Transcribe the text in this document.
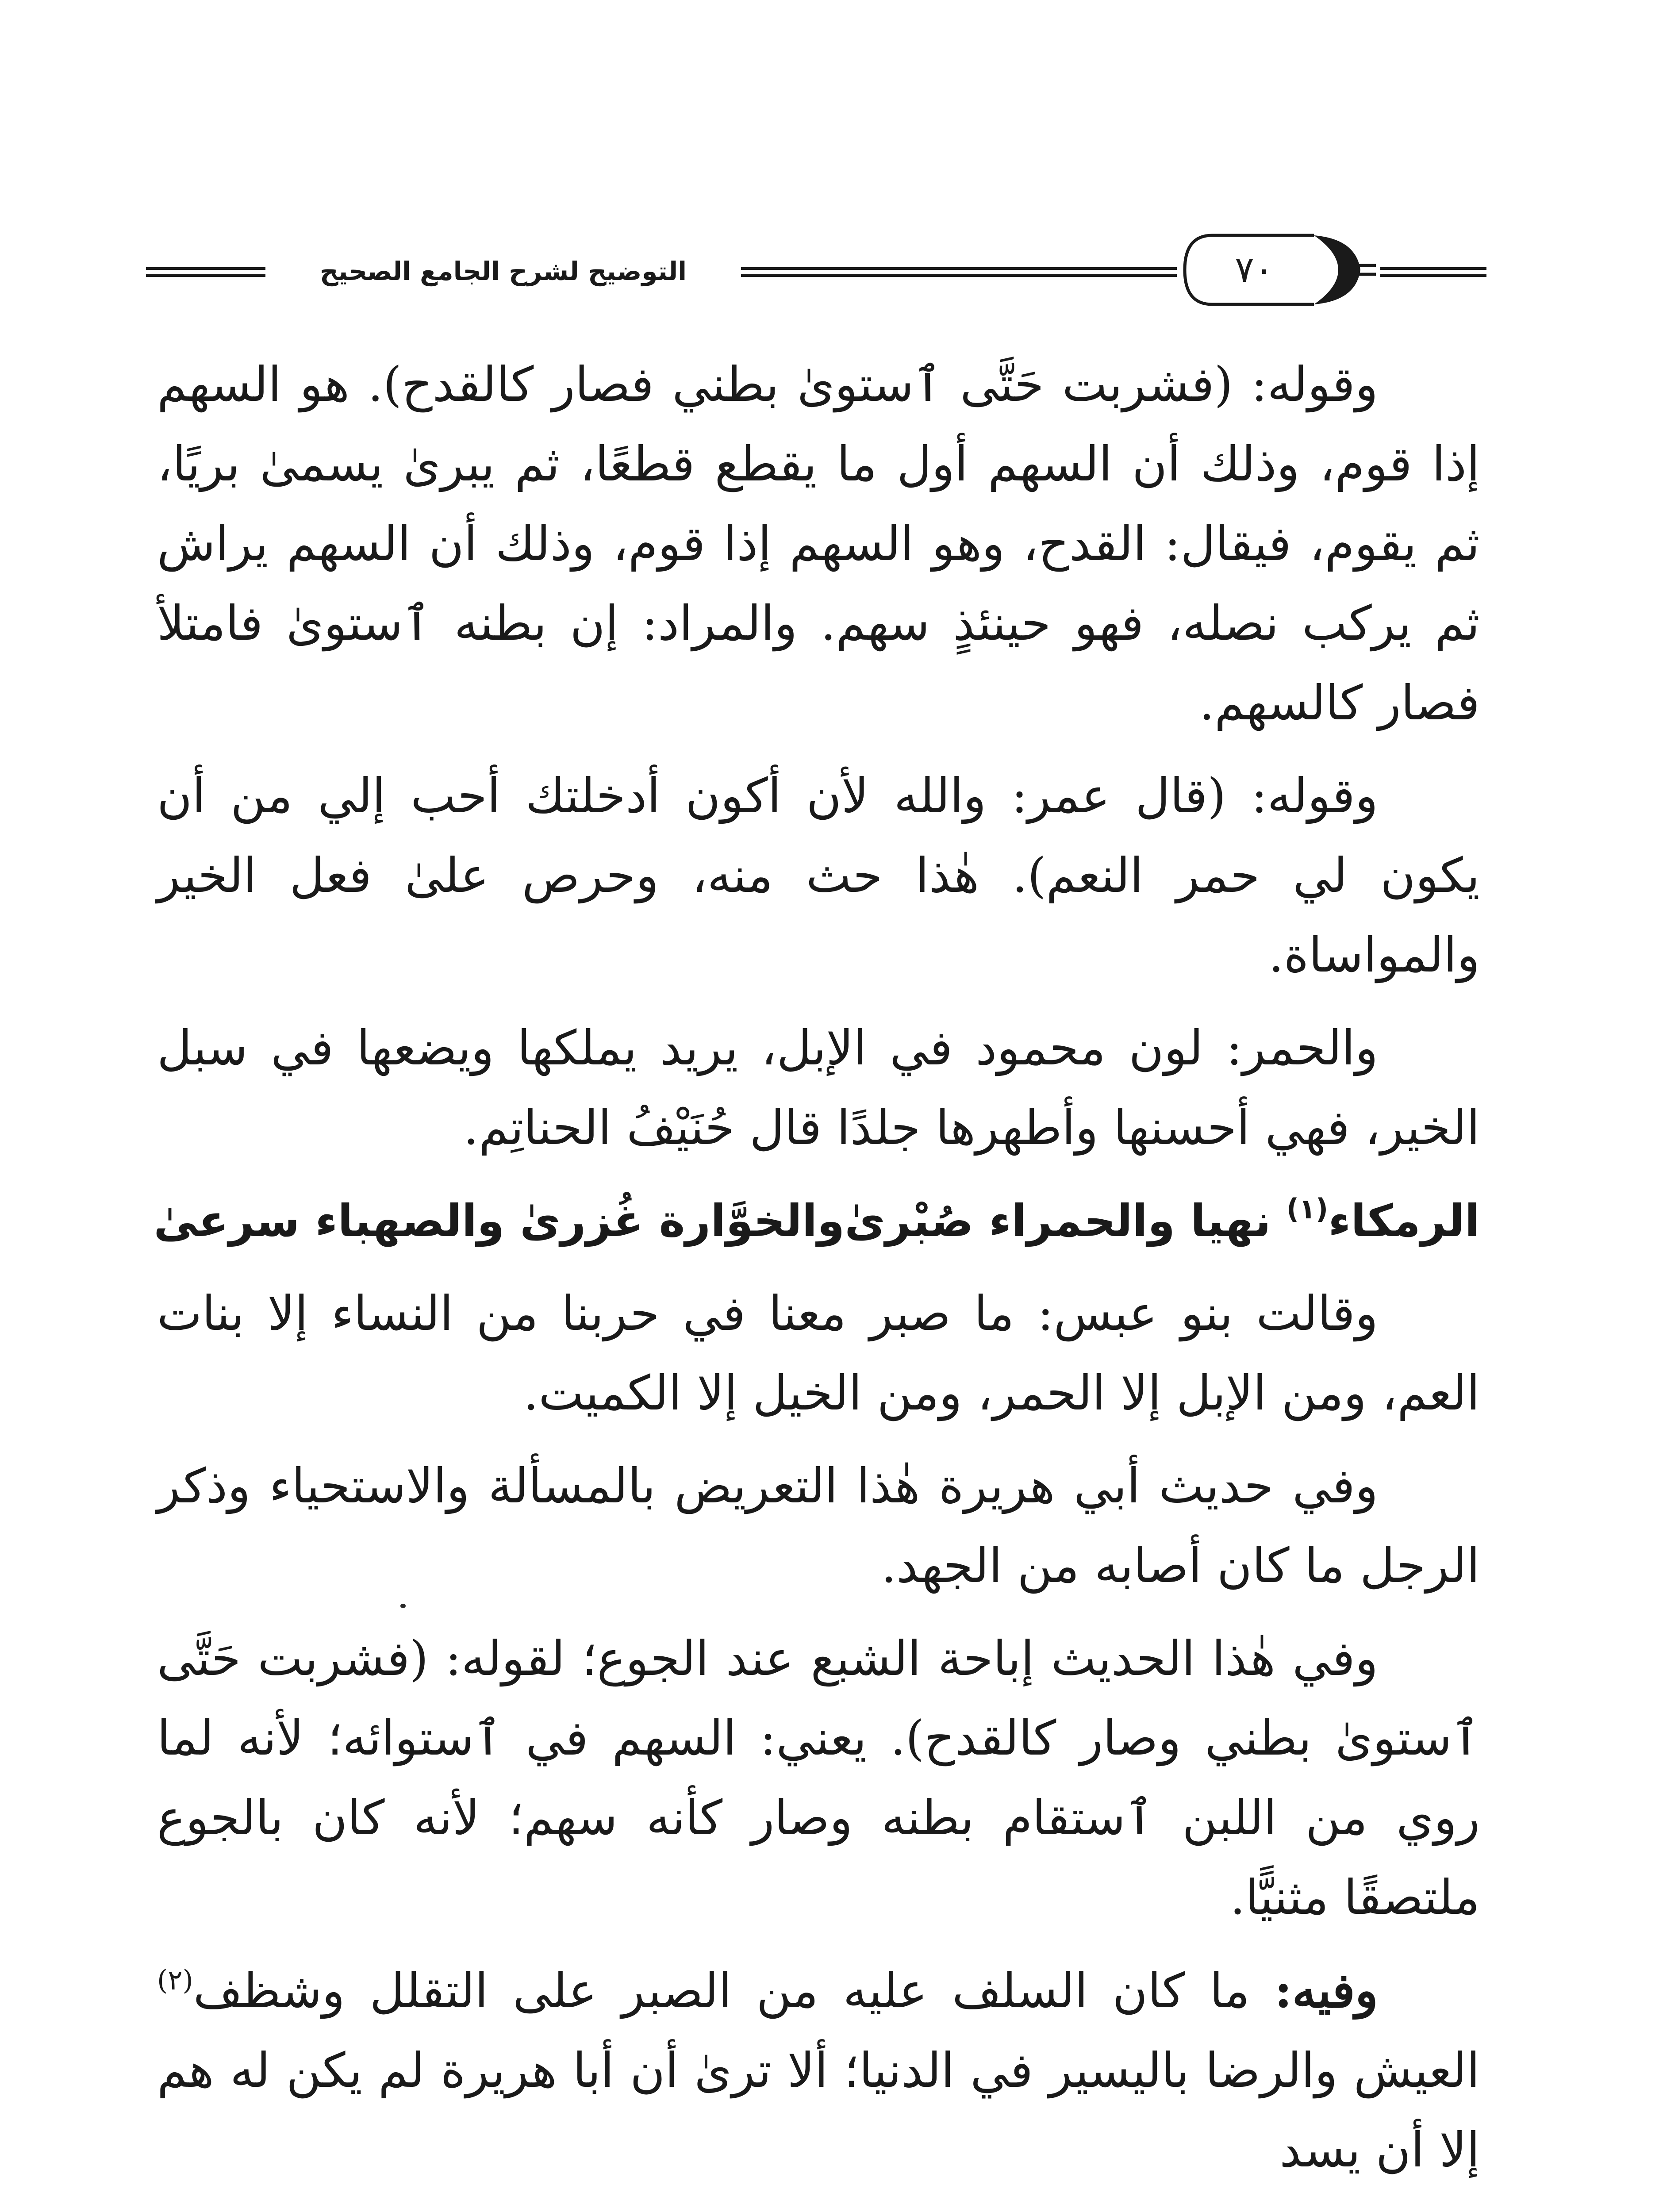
التوضيح لشرح الجامع الصحيح	٧٠

وقوله: (فشربت حَتَّى ٱستوىٰ بطني فصار كالقدح). هو السهم إذا قوم، وذلك أن السهم أول ما يقطع قطعًا، ثم يبرىٰ يسمىٰ بريًا، ثم يقوم، فيقال: القدح، وهو السهم إذا قوم، وذلك أن السهم يراش ثم يركب نصله، فهو حينئذٍ سهم. والمراد: إن بطنه ٱستوىٰ فامتلأ فصار كالسهم.

وقوله: (قال عمر: والله لأن أكون أدخلتك أحب إلي من أن يكون لي حمر النعم). هٰذا حث منه، وحرص علىٰ فعل الخير والمواساة.

والحمر: لون محمود في الإبل، يريد يملكها ويضعها في سبل الخير، فهي أحسنها وأطهرها جلدًا قال حُنَيْفُ الحناتِم.

الرمكاء$^{(١)}$ نهيا والحمراء صُبْرىٰ
والخوَّارة غُزرىٰ والصهباء سرعىٰ

وقالت بنو عبس: ما صبر معنا في حربنا من النساء إلا بنات العم، ومن الإبل إلا الحمر، ومن الخيل إلا الكميت.

وفي حديث أبي هريرة هٰذا التعريض بالمسألة والاستحياء وذكر الرجل ما كان أصابه من الجهد.

وفي هٰذا الحديث إباحة الشبع عند الجوع؛ لقوله: (فشربت حَتَّى ٱستوىٰ بطني وصار كالقدح). يعني: السهم في ٱستوائه؛ لأنه لما روي من اللبن ٱستقام بطنه وصار كأنه سهم؛ لأنه كان بالجوع ملتصقًا مثنيًّا.

وفيه: ما كان السلف عليه من الصبر على التقلل وشظف$^{(٢)}$ العيش والرضا باليسير في الدنيا؛ ألا ترىٰ أن أبا هريرة لم يكن له هم إلا أن يسد
